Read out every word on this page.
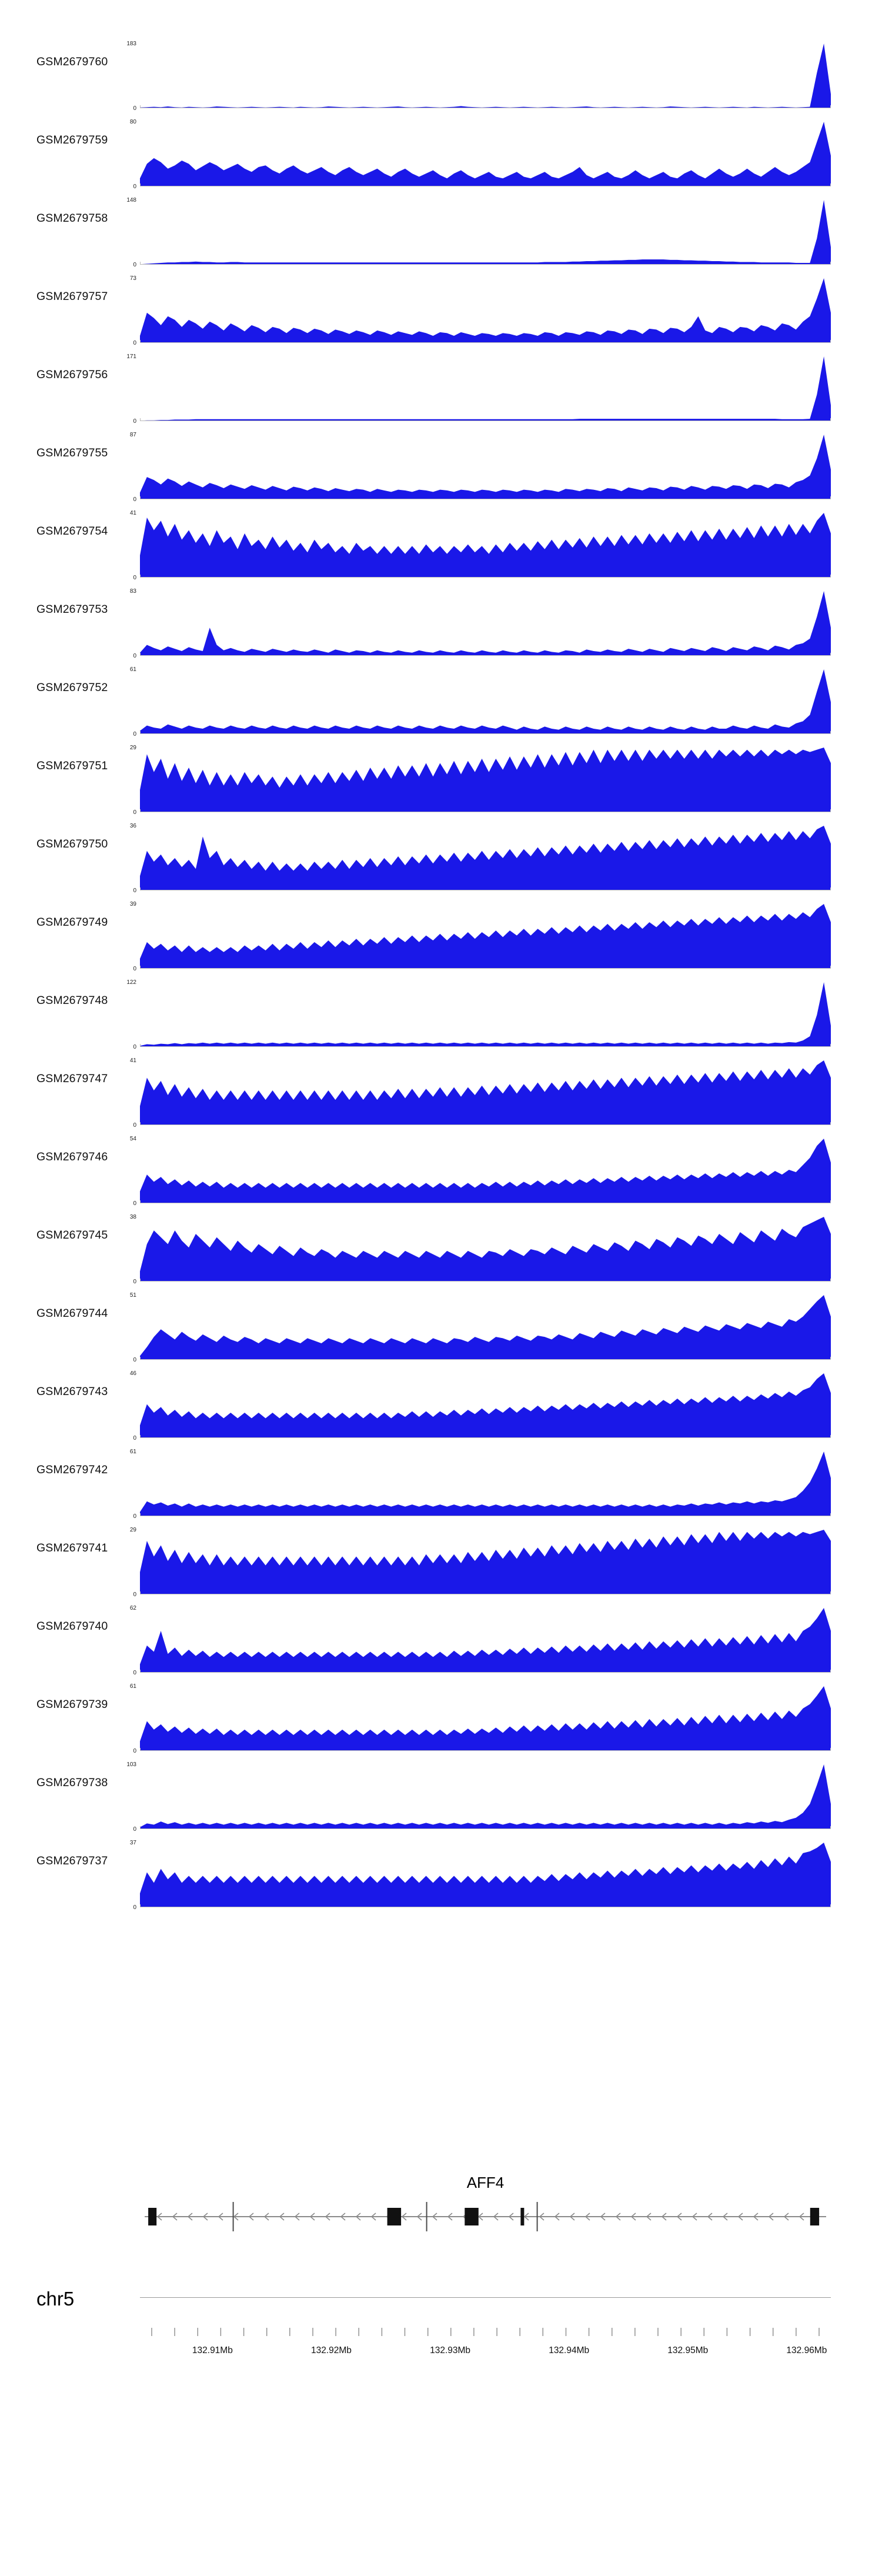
GSM2679760
183
0
GSM2679759
80
0
GSM2679758
148
0
GSM2679757
73
0
GSM2679756
171
0
GSM2679755
87
0
GSM2679754
41
0
GSM2679753
83
0
GSM2679752
61
0
GSM2679751
29
0
GSM2679750
36
0
GSM2679749
39
0
GSM2679748
122
0
GSM2679747
41
0
GSM2679746
54
0
GSM2679745
38
0
GSM2679744
51
0
GSM2679743
46
0
GSM2679742
61
0
GSM2679741
29
0
GSM2679740
62
0
GSM2679739
61
0
GSM2679738
103
0
GSM2679737
37
0
AFF4
chr5
132.91Mb	132.92Mb	132.93Mb	132.94Mb	132.95Mb	132.96Mb
